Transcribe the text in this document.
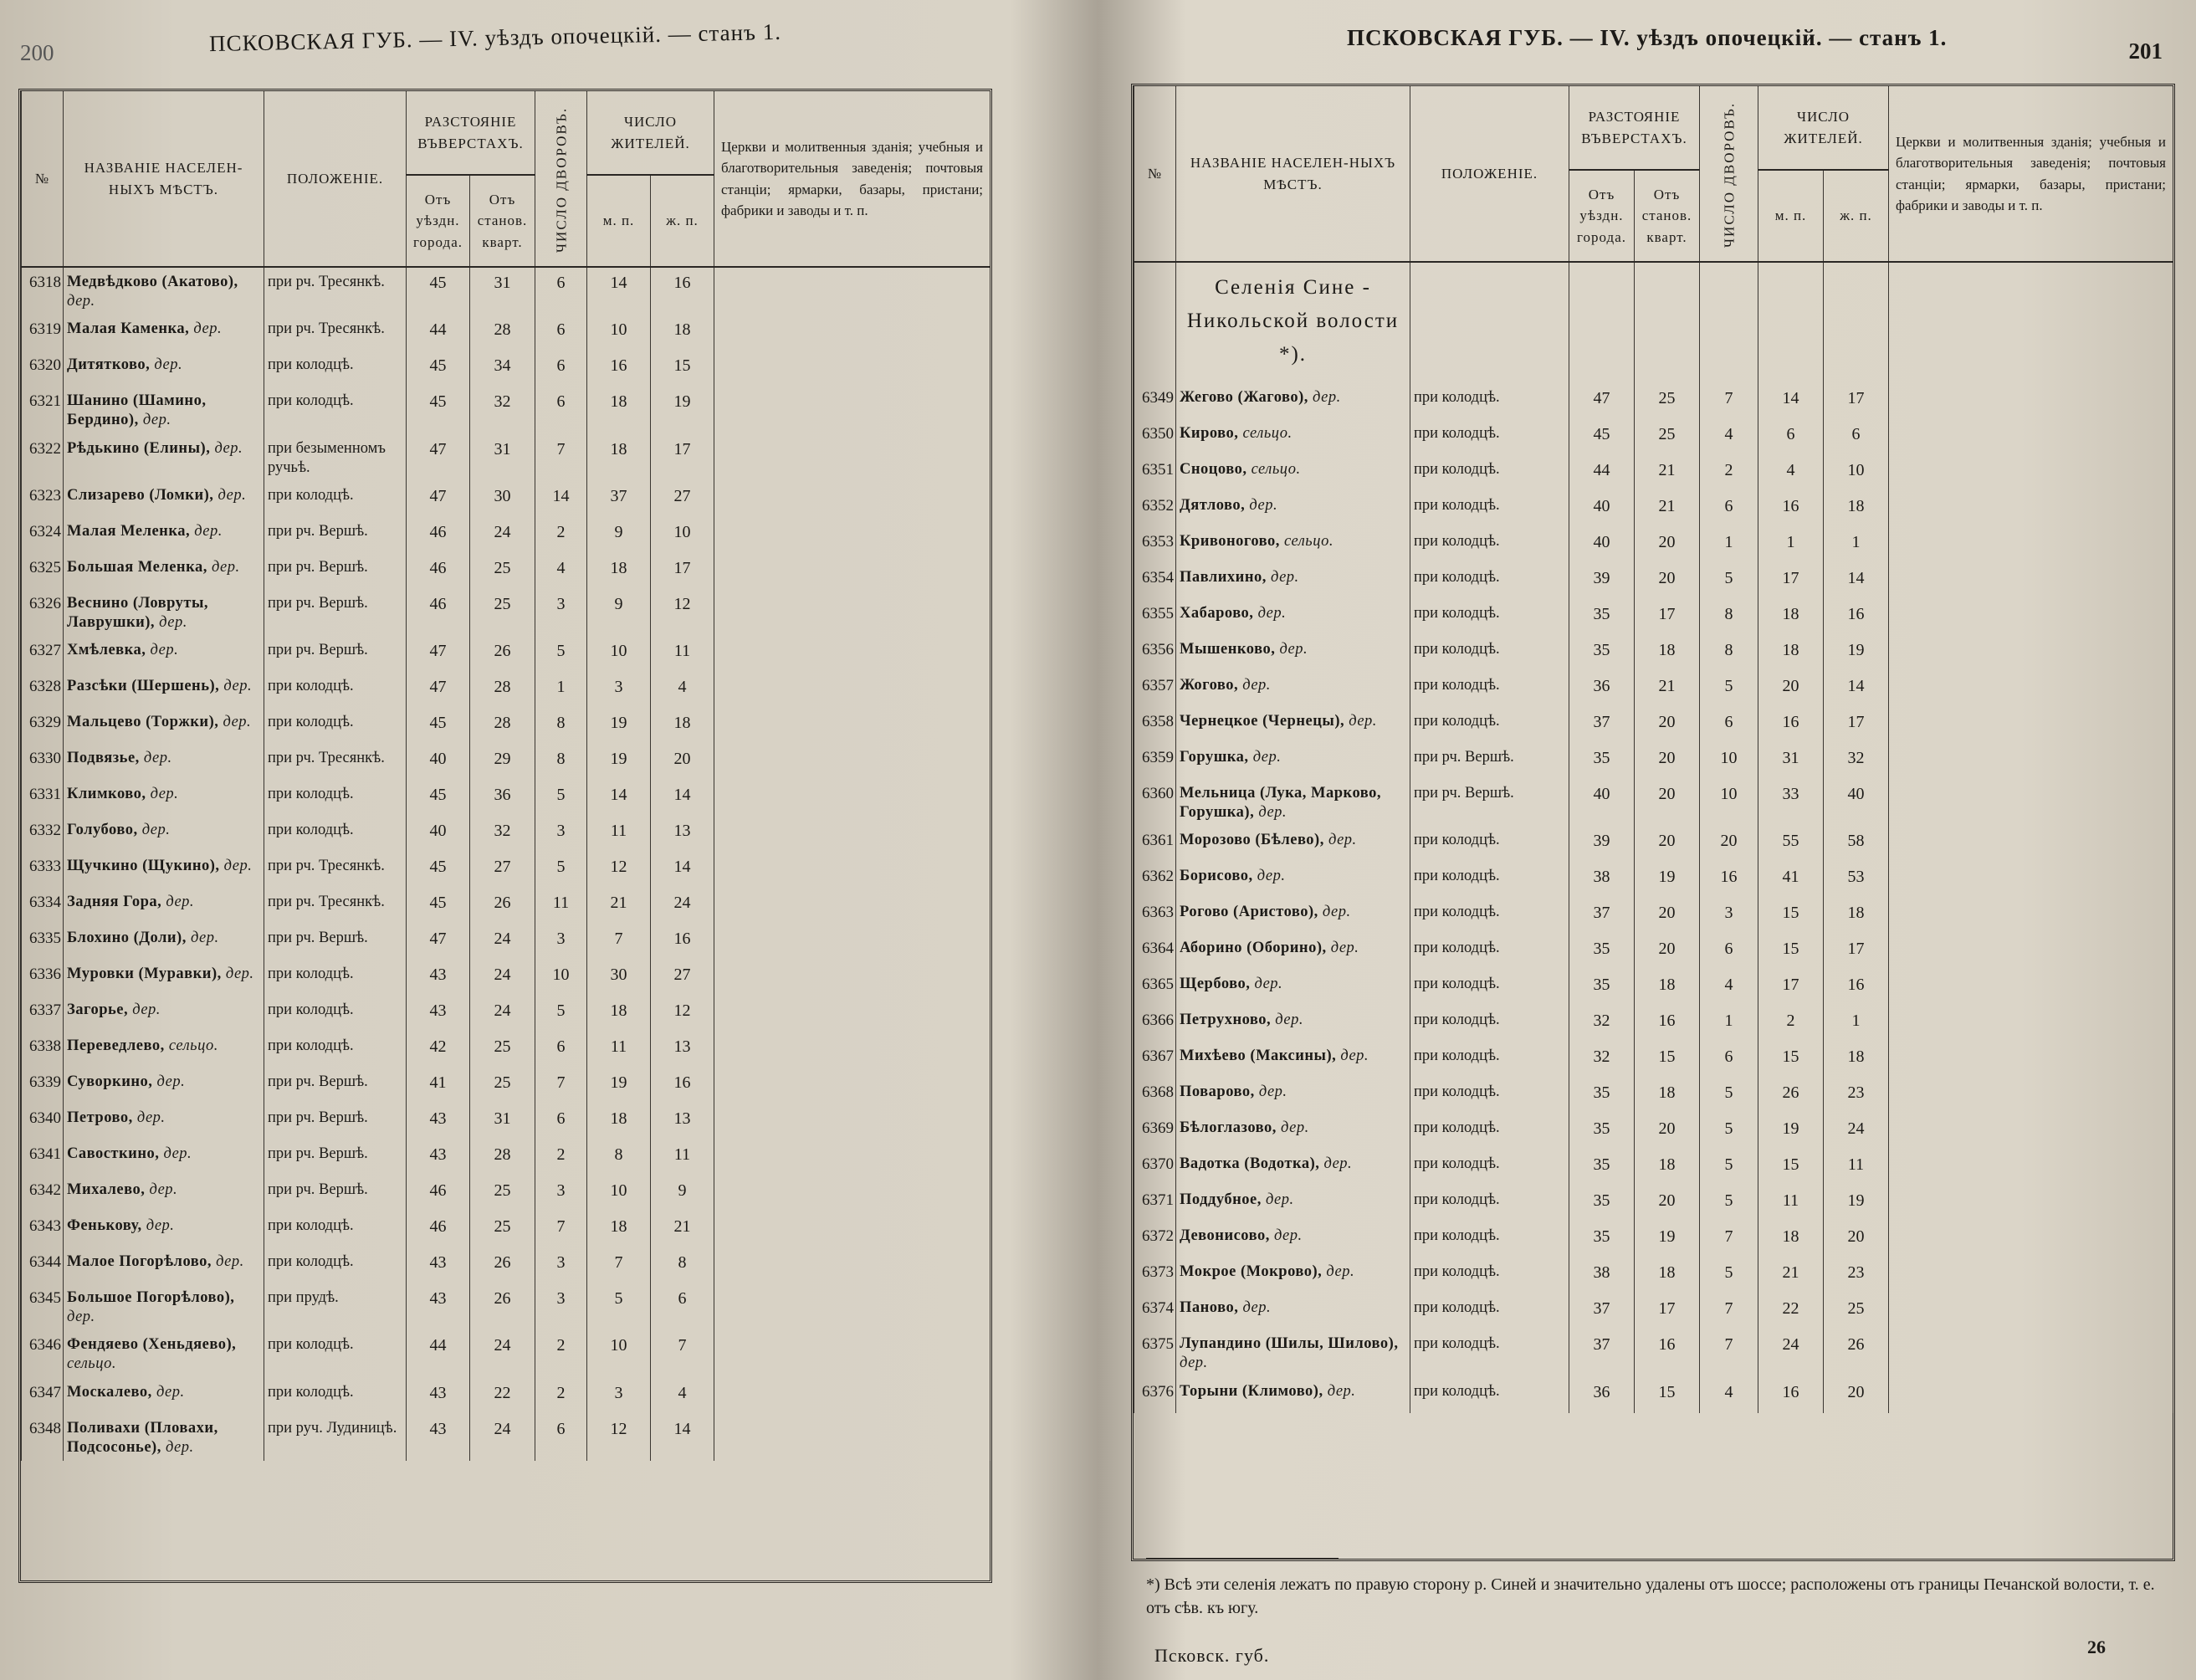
200	ПСКОВСКАЯ ГУБ. — IV. уѣздъ опочецкій. — станъ 1.
№	НАЗВАНІЕ НАСЕЛЕН-НЫХЪ МѢСТЪ.	ПОЛОЖЕНІЕ.	РАЗСТОЯНІЕ ВЪВЕРСТАХЪ.		ЧИСЛО ДВОРОВЪ.	ЧИСЛО ЖИТЕЛЕЙ.		Церкви и молитвенныя зданія; учебныя и благотворительныя заведенія; почтовыя станціи; ярмарки, базары, пристани; фабрики и заводы и т. п.
			Отъ уѣздн. города.	Отъ станов. кварт.		м. п.	ж. п.	
6318	Медвѣдково (Акатово), дер.	при рч. Тресянкѣ.	45	31	6	14	16	
6319	Малая Каменка, дер.	при рч. Тресянкѣ.	44	28	6	10	18	
6320	Дитятково, дер.	при колодцѣ.	45	34	6	16	15	
6321	Шанино (Шамино, Бердино), дер.	при колодцѣ.	45	32	6	18	19	
6322	Рѣдькино (Елины), дер.	при безыменномъ ручьѣ.	47	31	7	18	17	
6323	Слизарево (Ломки), дер.	при колодцѣ.	47	30	14	37	27	
6324	Малая Меленка, дер.	при рч. Вершѣ.	46	24	2	9	10	
6325	Большая Меленка, дер.	при рч. Вершѣ.	46	25	4	18	17	
6326	Веснино (Ловруты, Лаврушки), дер.	при рч. Вершѣ.	46	25	3	9	12	
6327	Хмѣлевка, дер.	при рч. Вершѣ.	47	26	5	10	11	
6328	Разсѣки (Шершень), дер.	при колодцѣ.	47	28	1	3	4	
6329	Мальцево (Торжки), дер.	при колодцѣ.	45	28	8	19	18	
6330	Подвязье, дер.	при рч. Тресянкѣ.	40	29	8	19	20	
6331	Климково, дер.	при колодцѣ.	45	36	5	14	14	
6332	Голубово, дер.	при колодцѣ.	40	32	3	11	13	
6333	Щучкино (Щукино), дер.	при рч. Тресянкѣ.	45	27	5	12	14	
6334	Задняя Гора, дер.	при рч. Тресянкѣ.	45	26	11	21	24	
6335	Блохино (Доли), дер.	при рч. Вершѣ.	47	24	3	7	16	
6336	Муровки (Муравки), дер.	при колодцѣ.	43	24	10	30	27	
6337	Загорье, дер.	при колодцѣ.	43	24	5	18	12	
6338	Переведлево, сельцо.	при колодцѣ.	42	25	6	11	13	
6339	Суворкино, дер.	при рч. Вершѣ.	41	25	7	19	16	
6340	Петрово, дер.	при рч. Вершѣ.	43	31	6	18	13	
6341	Савосткино, дер.	при рч. Вершѣ.	43	28	2	8	11	
6342	Михалево, дер.	при рч. Вершѣ.	46	25	3	10	9	
6343	Фенькову, дер.	при колодцѣ.	46	25	7	18	21	
6344	Малое Погорѣлово, дер.	при колодцѣ.	43	26	3	7	8	
6345	Большое Погорѣлово), дер.	при прудѣ.	43	26	3	5	6	
6346	Фендяево (Хеньдяево), сельцо.	при колодцѣ.	44	24	2	10	7	
6347	Москалево, дер.	при колодцѣ.	43	22	2	3	4	
6348	Поливахи (Пловахи, Подсосонье), дер.	при руч. Лудиницѣ.	43	24	6	12	14	
ПСКОВСКАЯ ГУБ. — IV. уѣздъ опочецкій. — станъ 1.
201
№	НАЗВАНІЕ НАСЕЛЕН-НЫХЪ МѢСТЪ.	ПОЛОЖЕНІЕ.	РАЗСТОЯНІЕ ВЪВЕРСТАХЪ.		ЧИСЛО ДВОРОВЪ.	ЧИСЛО ЖИТЕЛЕЙ.		Церкви и молитвенныя зданія; учебныя и благотворительныя заведенія; почтовыя станціи; ярмарки, базары, пристани; фабрики и заводы и т. п.
			Отъ уѣздн. города.	Отъ станов. кварт.		м. п.	ж. п.	
	Селенія Сине - Никольской волости *).							
6349	Жегово (Жагово), дер.	при колодцѣ.	47	25	7	14	17	
6350	Кирово, сельцо.	при колодцѣ.	45	25	4	6	6	
6351	Сноцово, сельцо.	при колодцѣ.	44	21	2	4	10	
6352	Дятлово, дер.	при колодцѣ.	40	21	6	16	18	
6353	Кривоногово, сельцо.	при колодцѣ.	40	20	1	1	1	
6354	Павлихино, дер.	при колодцѣ.	39	20	5	17	14	
6355	Хабарово, дер.	при колодцѣ.	35	17	8	18	16	
6356	Мышенково, дер.	при колодцѣ.	35	18	8	18	19	
6357	Жогово, дер.	при колодцѣ.	36	21	5	20	14	
6358	Чернецкое (Чернецы), дер.	при колодцѣ.	37	20	6	16	17	
6359	Горушка, дер.	при рч. Вершѣ.	35	20	10	31	32	
6360	Мельница (Лука, Марково, Горушка), дер.	при рч. Вершѣ.	40	20	10	33	40	
6361	Морозово (Бѣлево), дер.	при колодцѣ.	39	20	20	55	58	
6362	Борисово, дер.	при колодцѣ.	38	19	16	41	53	
6363	Рогово (Аристово), дер.	при колодцѣ.	37	20	3	15	18	
6364	Аборино (Оборино), дер.	при колодцѣ.	35	20	6	15	17	
6365	Щербово, дер.	при колодцѣ.	35	18	4	17	16	
6366	Петрухново, дер.	при колодцѣ.	32	16	1	2	1	
6367	Михѣево (Максины), дер.	при колодцѣ.	32	15	6	15	18	
6368	Поварово, дер.	при колодцѣ.	35	18	5	26	23	
6369	Бѣлоглазово, дер.	при колодцѣ.	35	20	5	19	24	
6370	Вадотка (Водотка), дер.	при колодцѣ.	35	18	5	15	11	
6371	Поддубное, дер.	при колодцѣ.	35	20	5	11	19	
6372	Девонисово, дер.	при колодцѣ.	35	19	7	18	20	
6373	Мокрое (Мокрово), дер.	при колодцѣ.	38	18	5	21	23	
6374	Паново, дер.	при колодцѣ.	37	17	7	22	25	
6375	Лупандино (Шилы, Шилово), дер.	при колодцѣ.	37	16	7	24	26	
6376	Торыни (Климово), дер.	при колодцѣ.	36	15	4	16	20	
*) Всѣ эти селенія лежатъ по правую сторону р. Синей и значительно удалены отъ шоссе; расположены отъ границы Печанской волости, т. е. отъ сѣв. къ югу.
Псковск. губ.	26
